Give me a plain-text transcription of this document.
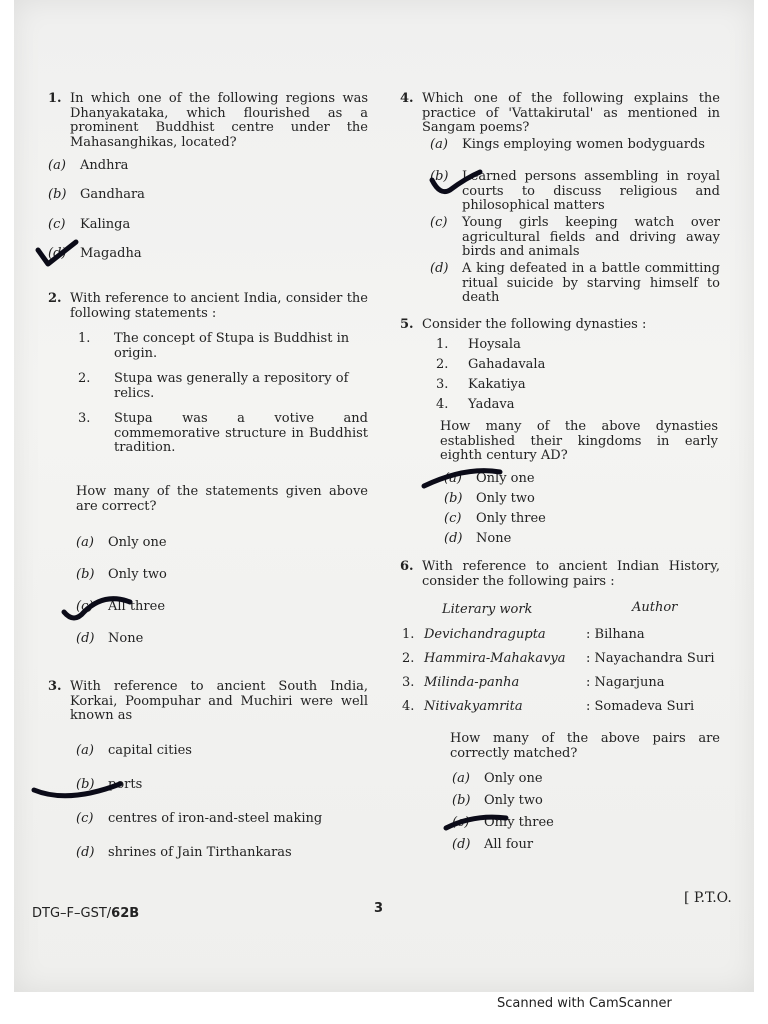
1. In which one of the following regions was Dhanyakataka, which flourished as a prominent Buddhist centre under the Mahasanghikas, located?
(a)	Andhra
(b)	Gandhara
(c)	Kalinga
(d)	Magadha
2. With reference to ancient India, consider the following statements :
1.	The concept of Stupa is Buddhist in origin.
2.	Stupa was generally a repository of relics.
3.	Stupa was a votive and commemorative structure in Buddhist tradition.
How many of the statements given above are correct?
(a)	Only one
(b)	Only two
(c)	All three
(d)	None
3. With reference to ancient South India, Korkai, Poompuhar and Muchiri were well known as
(a)	capital cities
(b)	ports
(c)	centres of iron-and-steel making
(d)	shrines of Jain Tirthankaras
4. Which one of the following explains the practice of 'Vattakirutal' as mentioned in Sangam poems?
(a)	Kings employing women bodyguards
(b)	Learned persons assembling in royal courts to discuss religious and philosophical matters
(c)	Young girls keeping watch over agricultural fields and driving away birds and animals
(d)	A king defeated in a battle committing ritual suicide by starving himself to death
5. Consider the following dynasties :
1.	Hoysala
2.	Gahadavala
3.	Kakatiya
4.	Yadava
How many of the above dynasties established their kingdoms in early eighth century AD?
(a)	Only one
(b)	Only two
(c)	Only three
(d)	None
6. With reference to ancient Indian History, consider the following pairs :
Literary work	Author
1. Devichandragupta	: Bilhana
2. Hammira-Mahakavya	: Nayachandra Suri
3. Milinda-panha	: Nagarjuna
4. Nitivakyamrita	: Somadeva Suri
How many of the above pairs are correctly matched?
(a)	Only one
(b)	Only two
(c)	Only three
(d)	All four
DTG–F–GST/62B	3
[ P.T.O.
Scanned with CamScanner
